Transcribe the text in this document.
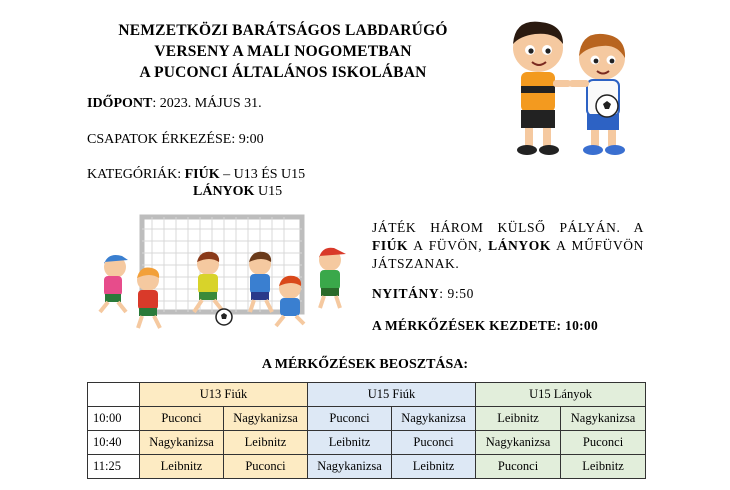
NEMZETKÖZI BARÁTSÁGOS LABDARÚGÓ
VERSENY A MALI NOGOMETBAN
A PUCONCI ÁLTALÁNOS ISKOLÁBAN
IDŐPONT: 2023. MÁJUS 31.
CSAPATOK ÉRKEZÉSE: 9:00
KATEGÓRIÁK: FIÚK – U13 ÉS U15
LÁNYOK U15
JÁTÉK HÁROM KÜLSŐ PÁLYÁN. A
FIÚK A FÜVÖN, LÁNYOK A MŰFÜVÖN
JÁTSZANAK.
NYITÁNY: 9:50
A MÉRKŐZÉSEK KEZDETE: 10:00
A MÉRKŐZÉSEK BEOSZTÁSA:
	U13 Fiúk		U15 Fiúk		U15 Lányok	
10:00	Puconci	Nagykanizsa	Puconci	Nagykanizsa	Leibnitz	Nagykanizsa
10:40	Nagykanizsa	Leibnitz	Leibnitz	Puconci	Nagykanizsa	Puconci
11:25	Leibnitz	Puconci	Nagykanizsa	Leibnitz	Puconci	Leibnitz
